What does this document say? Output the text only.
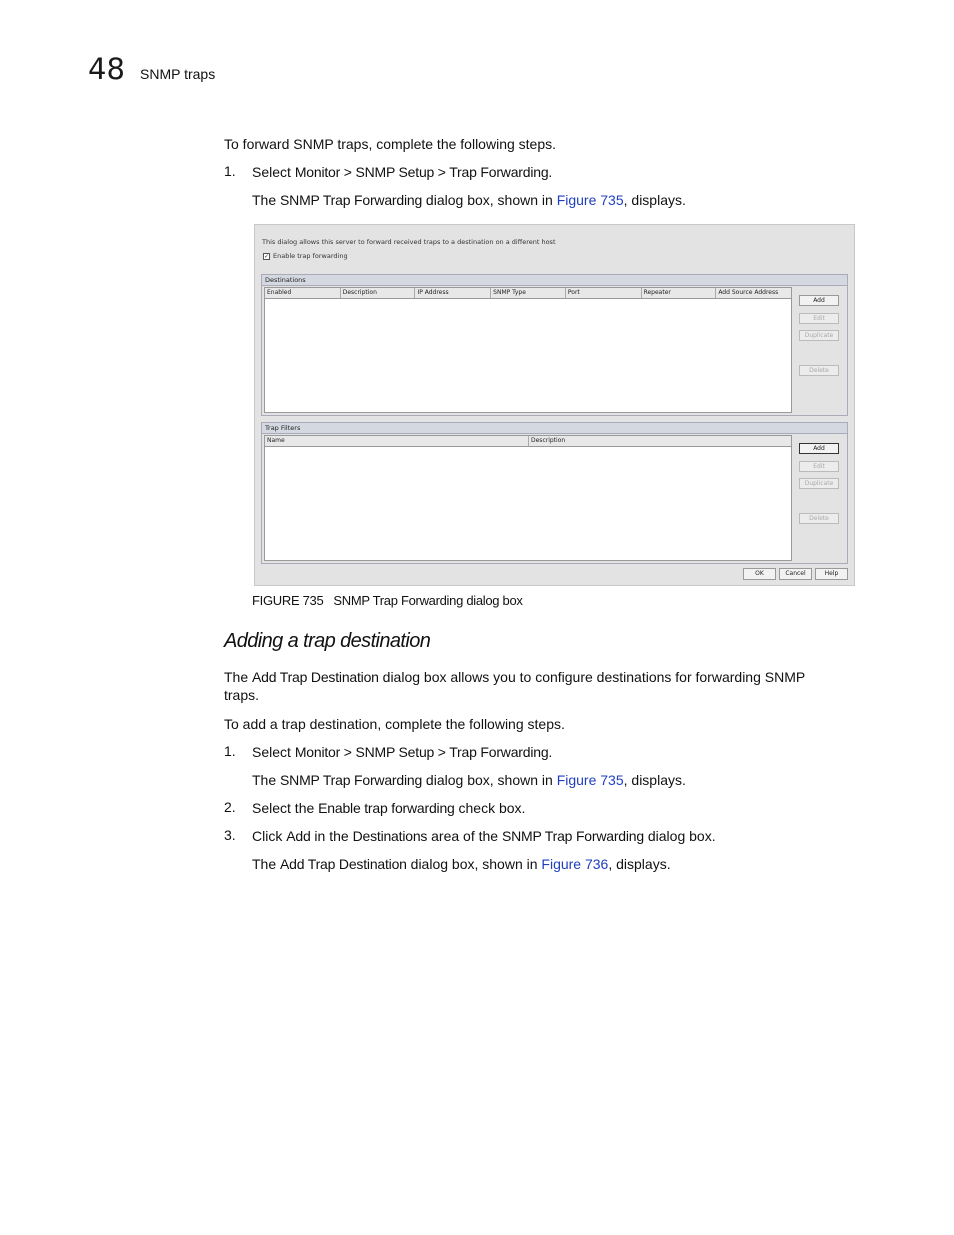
48 SNMP traps
To forward SNMP traps, complete the following steps.
1. Select Monitor > SNMP Setup > Trap Forwarding.
The SNMP Trap Forwarding dialog box, shown in Figure 735, displays.
This dialog allows this server to forward received traps to a destination on a different host
✓ Enable trap forwarding
Destinations
Enabled	Description	IP Address	SNMP Type	Port	Repeater	Add Source Address
Add
Edit
Duplicate
Delete
Trap Filters
Name	Description
Add
Edit
Duplicate
Delete
OK	Cancel	Help
FIGURE 735 SNMP Trap Forwarding dialog box
Adding a trap destination
The Add Trap Destination dialog box allows you to configure destinations for forwarding SNMP
traps.
To add a trap destination, complete the following steps.
1. Select Monitor > SNMP Setup > Trap Forwarding.
The SNMP Trap Forwarding dialog box, shown in Figure 735, displays.
2. Select the Enable trap forwarding check box.
3. Click Add in the Destinations area of the SNMP Trap Forwarding dialog box.
The Add Trap Destination dialog box, shown in Figure 736, displays.
